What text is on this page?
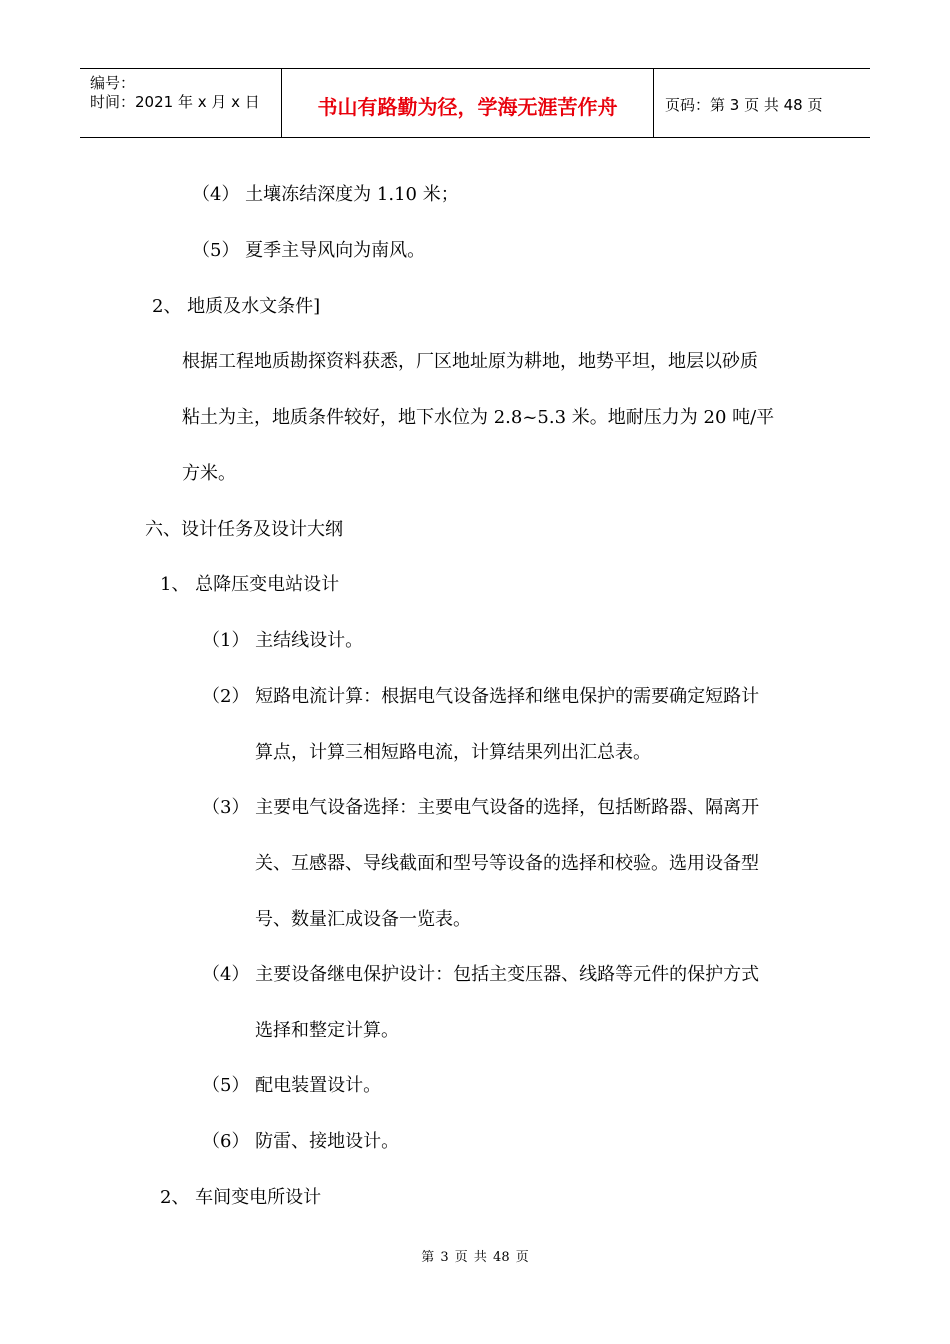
编号：
时间：2021 年 x 月 x 日	书山有路勤为径，学海无涯苦作舟	页码：第 3 页 共 48 页
（4） 土壤冻结深度为 1.10 米；
（5） 夏季主导风向为南风。
2、 地质及水文条件]
根据工程地质勘探资料获悉，厂区地址原为耕地，地势平坦，地层以砂质
粘土为主，地质条件较好，地下水位为 2.8~5.3 米。地耐压力为 20 吨/平
方米。
六、设计任务及设计大纲
1、 总降压变电站设计
（1） 主结线设计。
（2） 短路电流计算：根据电气设备选择和继电保护的需要确定短路计
算点，计算三相短路电流，计算结果列出汇总表。
（3） 主要电气设备选择：主要电气设备的选择，包括断路器、隔离开
关、互感器、导线截面和型号等设备的选择和校验。选用设备型
号、数量汇成设备一览表。
（4） 主要设备继电保护设计：包括主变压器、线路等元件的保护方式
选择和整定计算。
（5） 配电装置设计。
（6） 防雷、接地设计。
2、 车间变电所设计
第 3 页 共 48 页
